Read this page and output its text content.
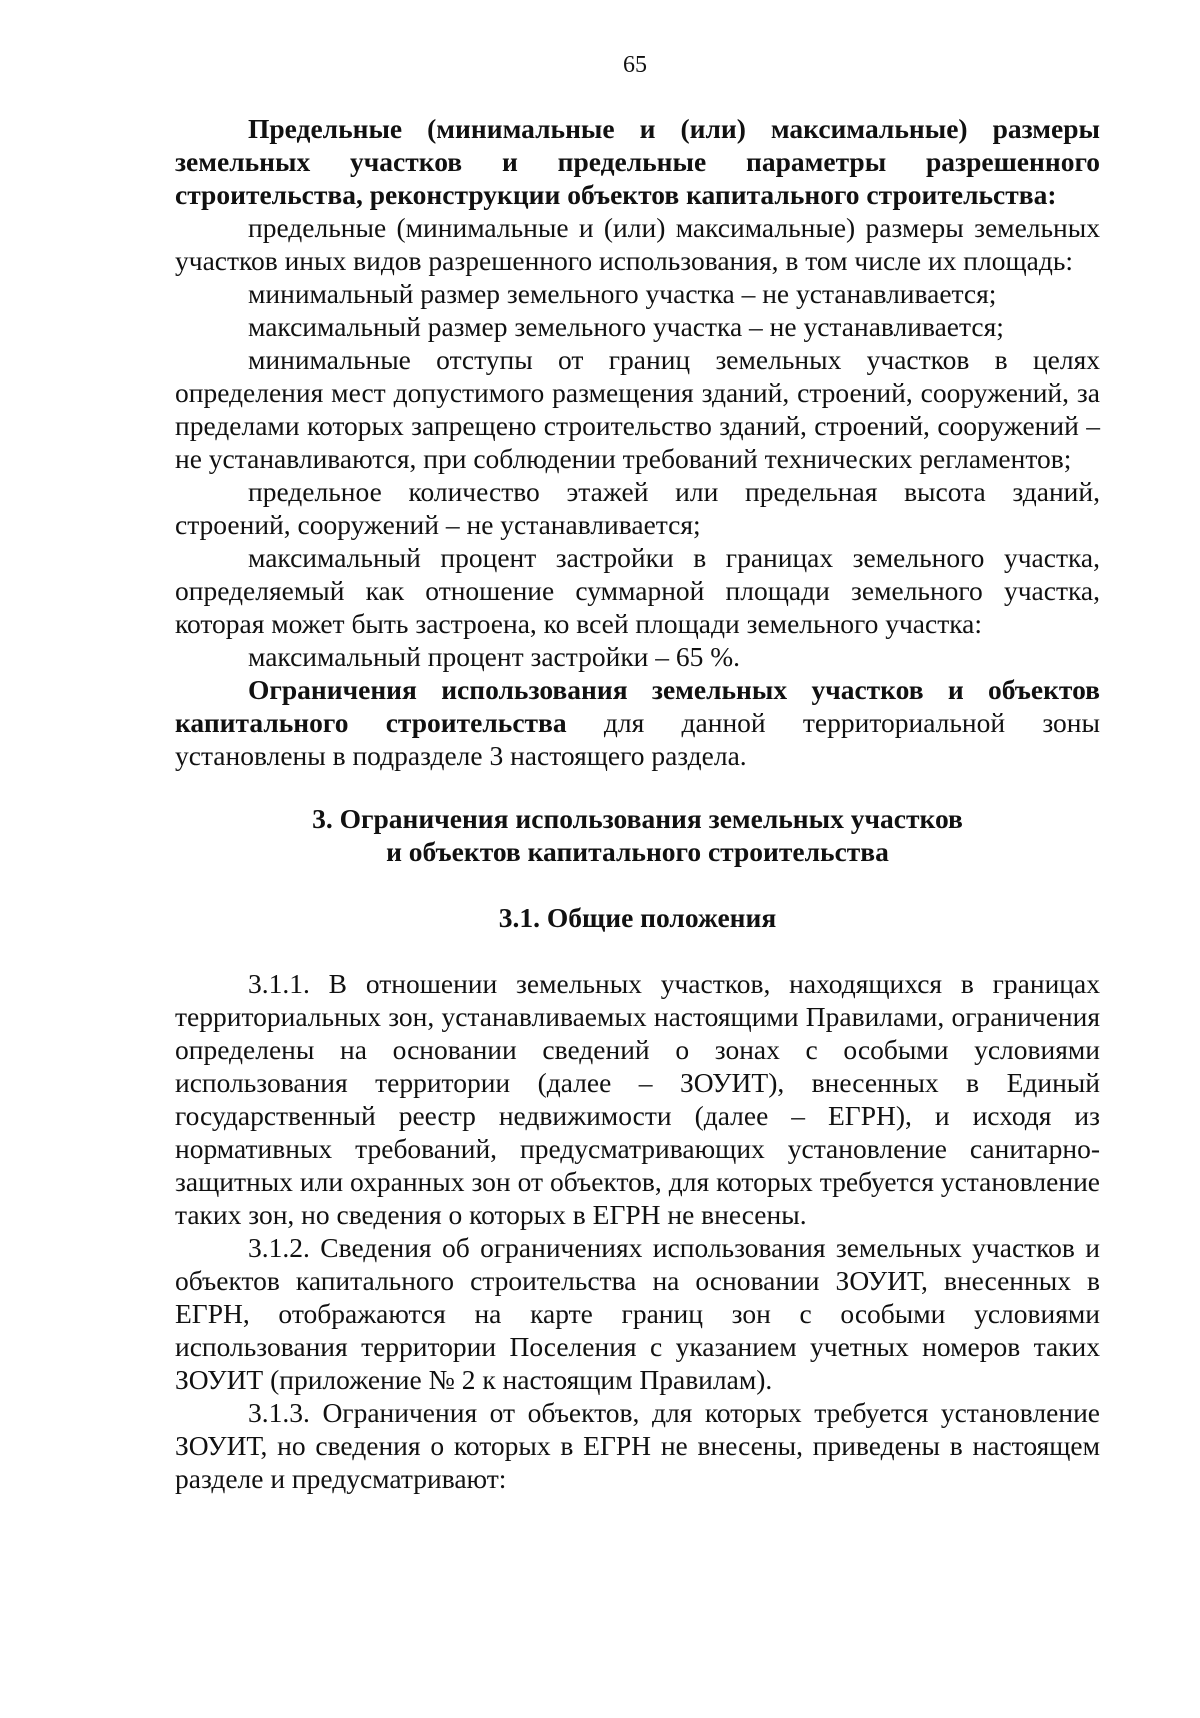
65

Предельные (минимальные и (или) максимальные) размеры земельных участков и предельные параметры разрешенного строительства, реконструкции объектов капитального строительства:

предельные (минимальные и (или) максимальные) размеры земельных участков иных видов разрешенного использования, в том числе их площадь:

минимальный размер земельного участка – не устанавливается;

максимальный размер земельного участка – не устанавливается;

минимальные отступы от границ земельных участков в целях определения мест допустимого размещения зданий, строений, сооружений, за пределами которых запрещено строительство зданий, строений, сооружений – не устанавливаются, при соблюдении требований технических регламентов;

предельное количество этажей или предельная высота зданий, строений, сооружений – не устанавливается;

максимальный процент застройки в границах земельного участка, определяемый как отношение суммарной площади земельного участка, которая может быть застроена, ко всей площади земельного участка:

максимальный процент застройки – 65 %.

Ограничения использования земельных участков и объектов капитального строительства для данной территориальной зоны установлены в подразделе 3 настоящего раздела.

3. Ограничения использования земельных участков
и объектов капитального строительства

3.1. Общие положения

3.1.1. В отношении земельных участков, находящихся в границах территориальных зон, устанавливаемых настоящими Правилами, ограничения определены на основании сведений о зонах с особыми условиями использования территории (далее – ЗОУИТ), внесенных в Единый государственный реестр недвижимости (далее – ЕГРН), и исходя из нормативных требований, предусматривающих установление санитарно-защитных или охранных зон от объектов, для которых требуется установление таких зон, но сведения о которых в ЕГРН не внесены.

3.1.2. Сведения об ограничениях использования земельных участков и объектов капитального строительства на основании ЗОУИТ, внесенных в ЕГРН, отображаются на карте границ зон с особыми условиями использования территории Поселения с указанием учетных номеров таких ЗОУИТ (приложение № 2 к настоящим Правилам).

3.1.3. Ограничения от объектов, для которых требуется установление ЗОУИТ, но сведения о которых в ЕГРН не внесены, приведены в настоящем разделе и предусматривают:
